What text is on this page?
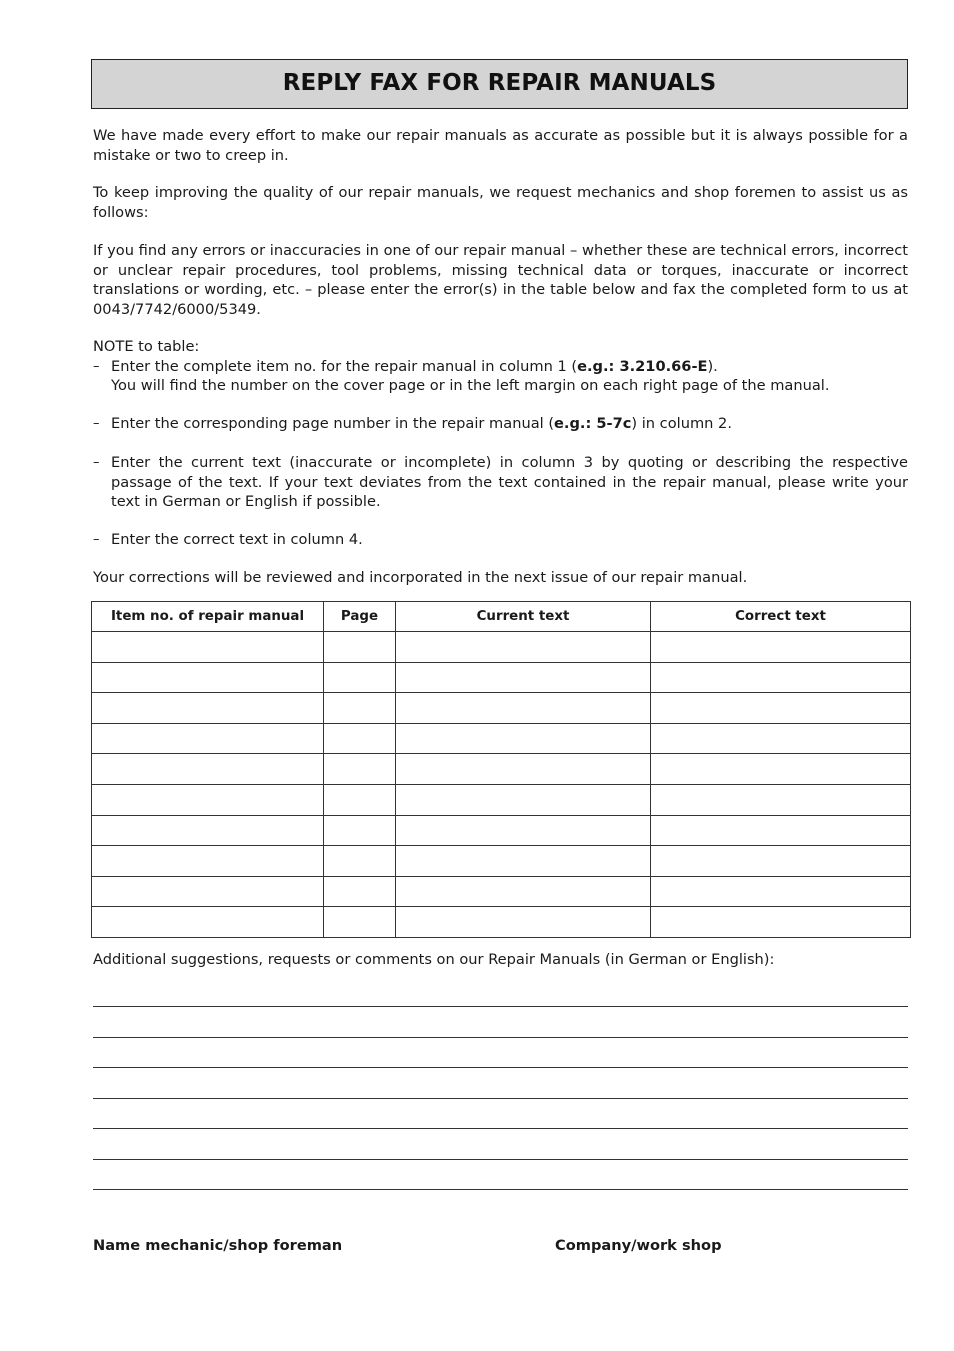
REPLY FAX FOR REPAIR MANUALS

We have made every effort to make our repair manuals as accurate as possible but it is always possible for a mistake or two to creep in.

To keep improving the quality of our repair manuals, we request mechanics and shop foremen to assist us as follows:

If you find any errors or inaccuracies in one of our repair manual – whether these are technical errors, incorrect or unclear repair procedures, tool problems, missing technical data or torques, inaccurate or incorrect translations or wording, etc. – please enter the error(s) in the table below and fax the completed form to us at 0043/7742/6000/5349.

NOTE to table:

– Enter the complete item no. for the repair manual in column 1 (e.g.: 3.210.66-E).
You will find the number on the cover page or in the left margin on each right page of the manual.
– Enter the corresponding page number in the repair manual (e.g.: 5-7c) in column 2.
– Enter the current text (inaccurate or incomplete) in column 3 by quoting or describing the respective passage of the text. If your text deviates from the text contained in the repair manual, please write your text in German or English if possible.
– Enter the correct text in column 4.

Your corrections will be reviewed and incorporated in the next issue of our repair manual.

Item no. of repair manual	Page	Current text	Correct text

Additional suggestions, requests or comments on our Repair Manuals (in German or English):

Name mechanic/shop foreman	Company/work shop
